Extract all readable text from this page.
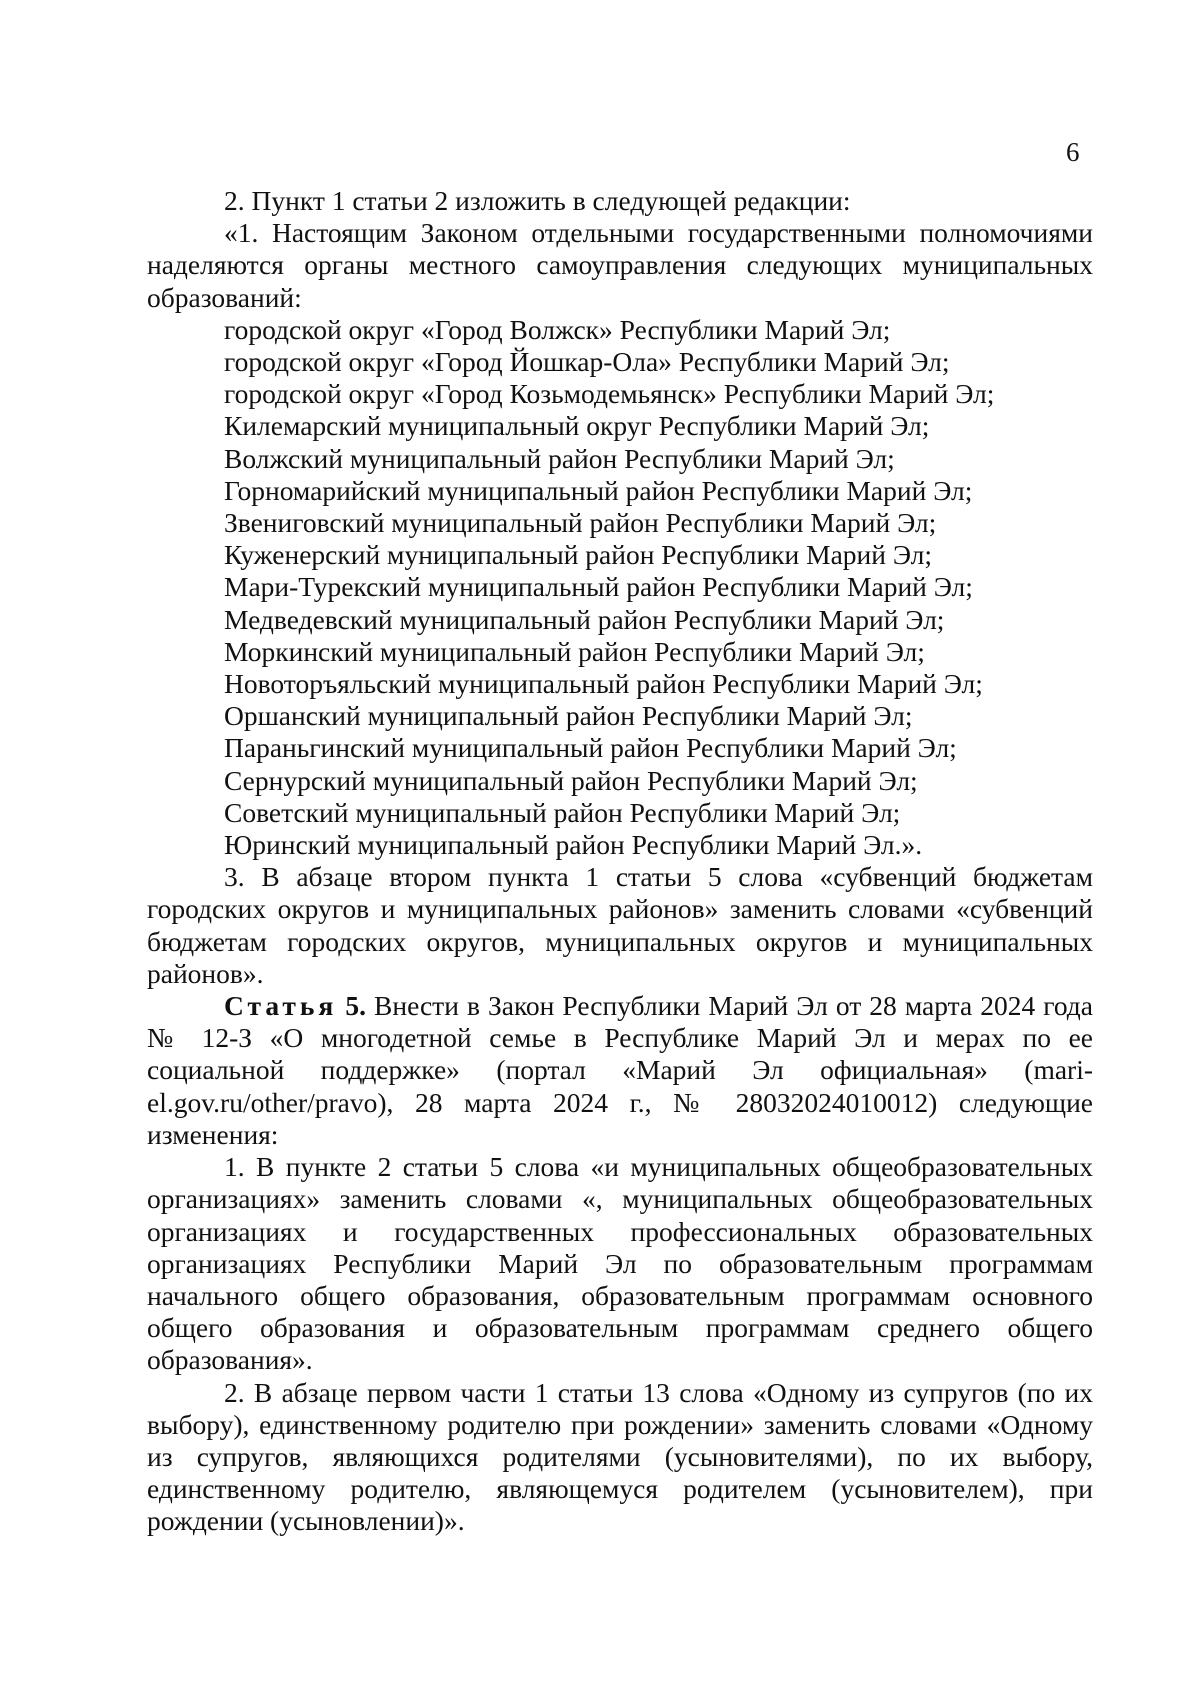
6

2. Пункт 1 статьи 2 изложить в следующей редакции:

«1. Настоящим Законом отдельными государственными полномочиями наделяются органы местного самоуправления следующих муниципальных образований:

городской округ «Город Волжск» Республики Марий Эл;
городской округ «Город Йошкар-Ола» Республики Марий Эл;
городской округ «Город Козьмодемьянск» Республики Марий Эл;
Килемарский муниципальный округ Республики Марий Эл;
Волжский муниципальный район Республики Марий Эл;
Горномарийский муниципальный район Республики Марий Эл;
Звениговский муниципальный район Республики Марий Эл;
Куженерский муниципальный район Республики Марий Эл;
Мари-Турекский муниципальный район Республики Марий Эл;
Медведевский муниципальный район Республики Марий Эл;
Моркинский муниципальный район Республики Марий Эл;
Новоторъяльский муниципальный район Республики Марий Эл;
Оршанский муниципальный район Республики Марий Эл;
Параньгинский муниципальный район Республики Марий Эл;
Сернурский муниципальный район Республики Марий Эл;
Советский муниципальный район Республики Марий Эл;
Юринский муниципальный район Республики Марий Эл.».

3. В абзаце втором пункта 1 статьи 5 слова «субвенций бюджетам городских округов и муниципальных районов» заменить словами «субвенций бюджетам городских округов, муниципальных округов и муниципальных районов».

Статья 5. Внести в Закон Республики Марий Эл от 28 марта 2024 года № 12-З «О многодетной семье в Республике Марий Эл и мерах по ее социальной поддержке» (портал «Марий Эл официальная» (mari-el.gov.ru/other/pravo), 28 марта 2024 г., № 28032024010012) следующие изменения:

1. В пункте 2 статьи 5 слова «и муниципальных общеобразовательных организациях» заменить словами «, муниципальных общеобразовательных организациях и государственных профессиональных образовательных организациях Республики Марий Эл по образовательным программам начального общего образования, образовательным программам основного общего образования и образовательным программам среднего общего образования».

2. В абзаце первом части 1 статьи 13 слова «Одному из супругов (по их выбору), единственному родителю при рождении» заменить словами «Одному из супругов, являющихся родителями (усыновителями), по их выбору, единственному родителю, являющемуся родителем (усыновителем), при рождении (усыновлении)».
